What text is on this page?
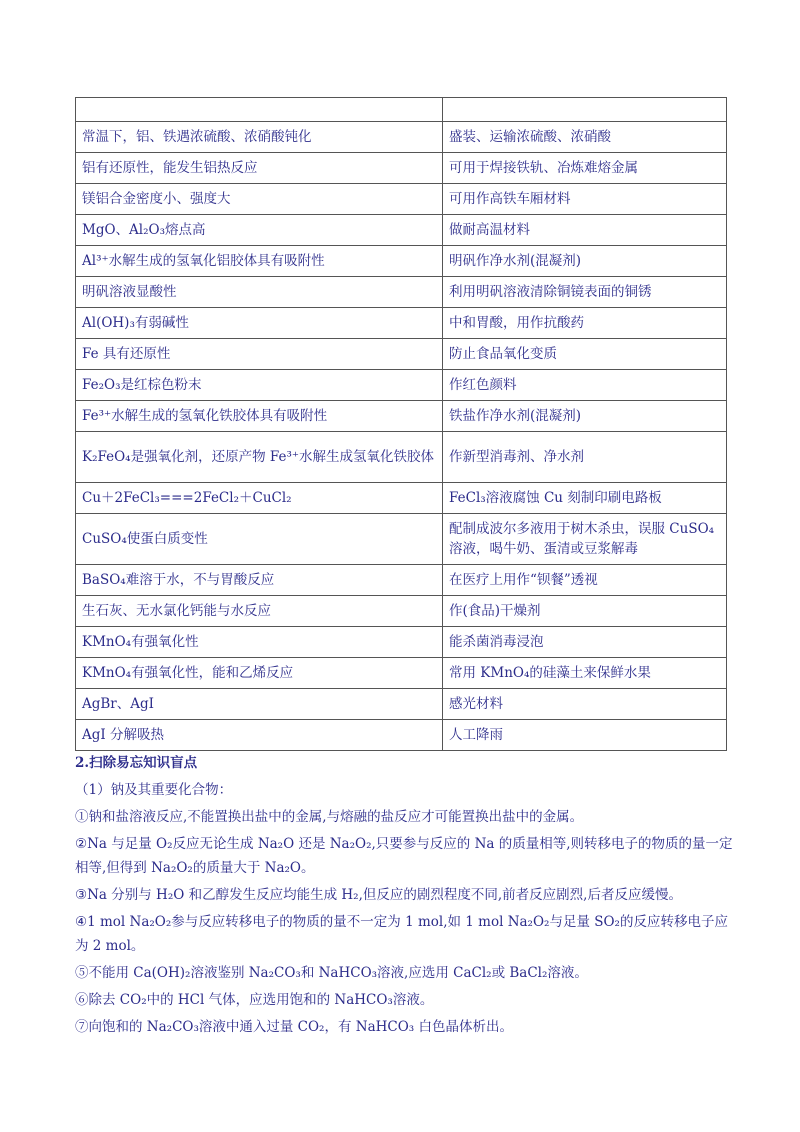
常温下，铝、铁遇浓硫酸、浓硝酸钝化	盛装、运输浓硫酸、浓硝酸
铝有还原性，能发生铝热反应	可用于焊接铁轨、冶炼难熔金属
镁铝合金密度小、强度大	可用作高铁车厢材料
MgO、Al₂O₃熔点高	做耐高温材料
Al³⁺水解生成的氢氧化铝胶体具有吸附性	明矾作净水剂(混凝剂)
明矾溶液显酸性	利用明矾溶液清除铜镜表面的铜锈
Al(OH)₃有弱碱性	中和胃酸，用作抗酸药
Fe 具有还原性	防止食品氧化变质
Fe₂O₃是红棕色粉末	作红色颜料
Fe³⁺水解生成的氢氧化铁胶体具有吸附性	铁盐作净水剂(混凝剂)
K₂FeO₄是强氧化剂，还原产物 Fe³⁺水解生成氢氧化铁胶体	作新型消毒剂、净水剂
Cu＋2FeCl₃===2FeCl₂＋CuCl₂	FeCl₃溶液腐蚀 Cu 刻制印刷电路板
CuSO₄使蛋白质变性	配制成波尔多液用于树木杀虫，误服 CuSO₄溶液，喝牛奶、蛋清或豆浆解毒
BaSO₄难溶于水，不与胃酸反应	在医疗上用作“钡餐”透视
生石灰、无水氯化钙能与水反应	作(食品)干燥剂
KMnO₄有强氧化性	能杀菌消毒浸泡
KMnO₄有强氧化性，能和乙烯反应	常用 KMnO₄的硅藻土来保鲜水果
AgBr、AgI	感光材料
AgI 分解吸热	人工降雨

2.扫除易忘知识盲点

（1）钠及其重要化合物：

①钠和盐溶液反应,不能置换出盐中的金属,与熔融的盐反应才可能置换出盐中的金属。

②Na 与足量 O₂反应无论生成 Na₂O 还是 Na₂O₂,只要参与反应的 Na 的质量相等,则转移电子的物质的量一定相等,但得到 Na₂O₂的质量大于 Na₂O。

③Na 分别与 H₂O 和乙醇发生反应均能生成 H₂,但反应的剧烈程度不同,前者反应剧烈,后者反应缓慢。

④1 mol Na₂O₂参与反应转移电子的物质的量不一定为 1 mol,如 1 mol Na₂O₂与足量 SO₂的反应转移电子应为 2 mol。

⑤不能用 Ca(OH)₂溶液鉴别 Na₂CO₃和 NaHCO₃溶液,应选用 CaCl₂或 BaCl₂溶液。

⑥除去 CO₂中的 HCl 气体，应选用饱和的 NaHCO₃溶液。

⑦向饱和的 Na₂CO₃溶液中通入过量 CO₂，有 NaHCO₃ 白色晶体析出。
